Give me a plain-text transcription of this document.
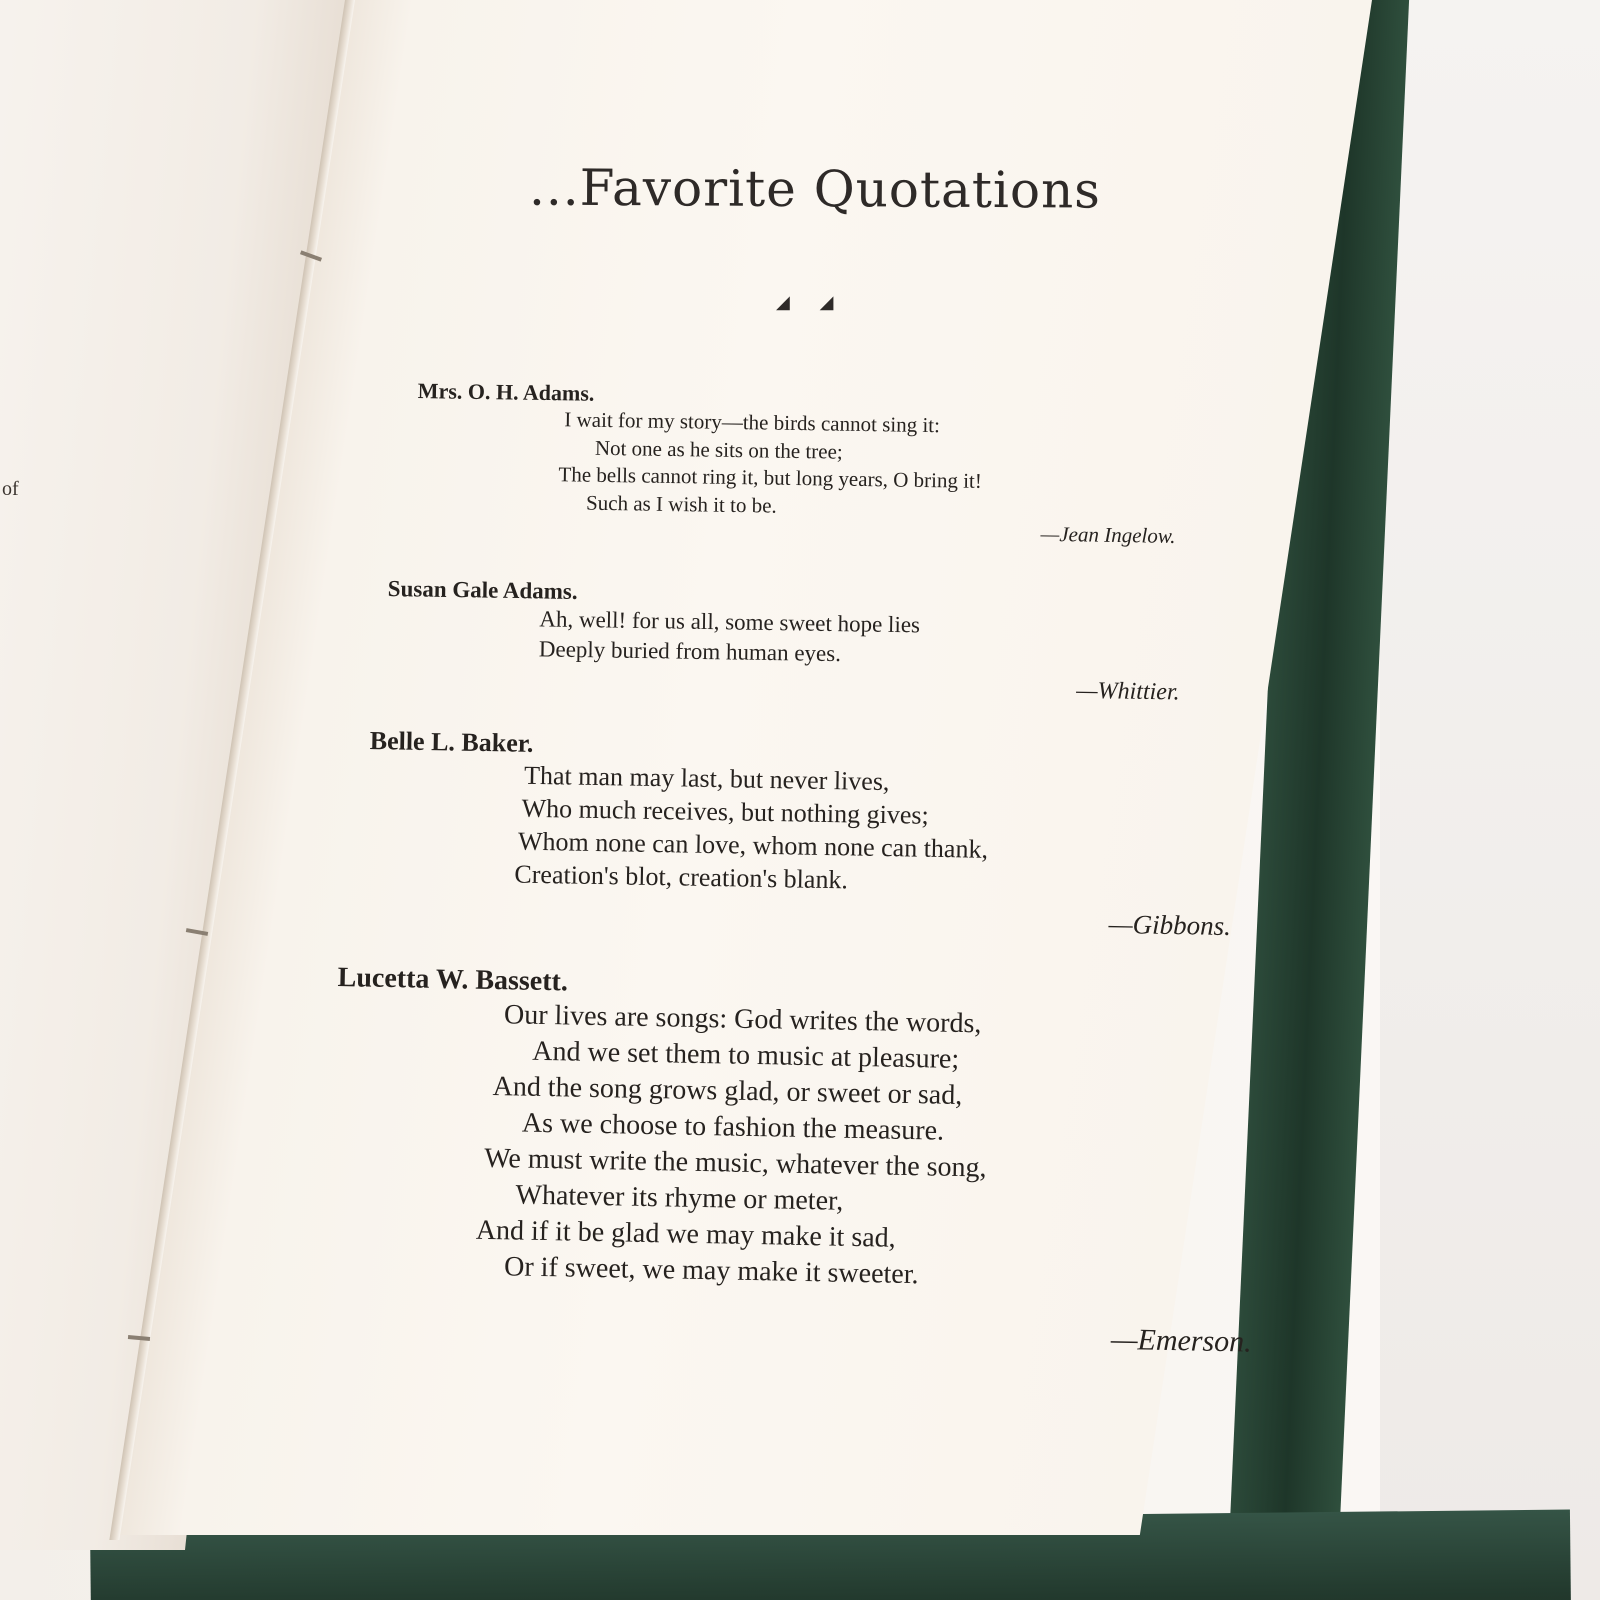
of
...Favorite Quotations
◢ ◢
Mrs. O. H. Adams.
I wait for my story—the birds cannot sing it:
Not one as he sits on the tree;
The bells cannot ring it, but long years, O bring it!
Such as I wish it to be.
—Jean Ingelow.
Susan Gale Adams.
Ah, well! for us all, some sweet hope lies
Deeply buried from human eyes.
—Whittier.
Belle L. Baker.
That man may last, but never lives,
Who much receives, but nothing gives;
Whom none can love, whom none can thank,
Creation's blot, creation's blank.
—Gibbons.
Lucetta W. Bassett.
Our lives are songs: God writes the words,
And we set them to music at pleasure;
And the song grows glad, or sweet or sad,
As we choose to fashion the measure.
We must write the music, whatever the song,
Whatever its rhyme or meter,
And if it be glad we may make it sad,
Or if sweet, we may make it sweeter.
—Emerson.
